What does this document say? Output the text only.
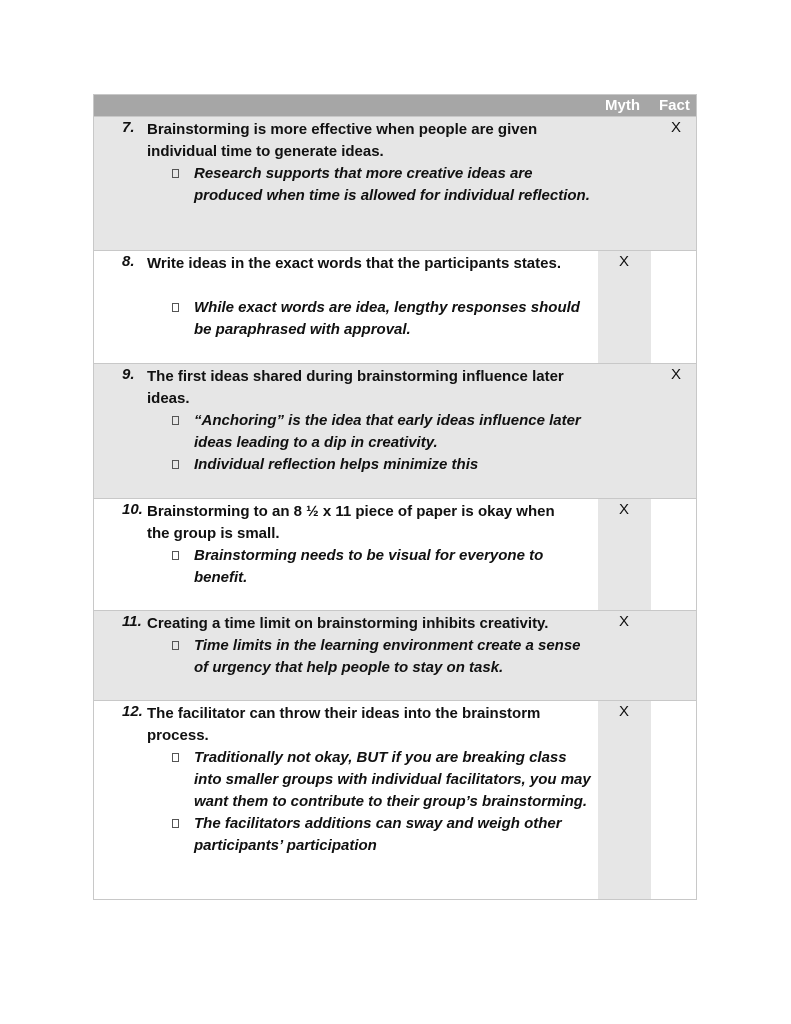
Myth Fact
7. Brainstorming is more effective when people are given individual time to generate ideas.
Research supports that more creative ideas are produced when time is allowed for individual reflection.
X
8. Write ideas in the exact words that the participants states.
While exact words are idea, lengthy responses should be paraphrased with approval.
X
9. The first ideas shared during brainstorming influence later ideas.
“Anchoring” is the idea that early ideas influence later ideas leading to a dip in creativity.
Individual reflection helps minimize this
X
10. Brainstorming to an 8 ½ x 11 piece of paper is okay when the group is small.
Brainstorming needs to be visual for everyone to benefit.
X
11. Creating a time limit on brainstorming inhibits creativity.
Time limits in the learning environment create a sense of urgency that help people to stay on task.
X
12. The facilitator can throw their ideas into the brainstorm process.
Traditionally not okay, BUT if you are breaking class into smaller groups with individual facilitators, you may want them to contribute to their group’s brainstorming.
The facilitators additions can sway and weigh other participants’ participation
X
